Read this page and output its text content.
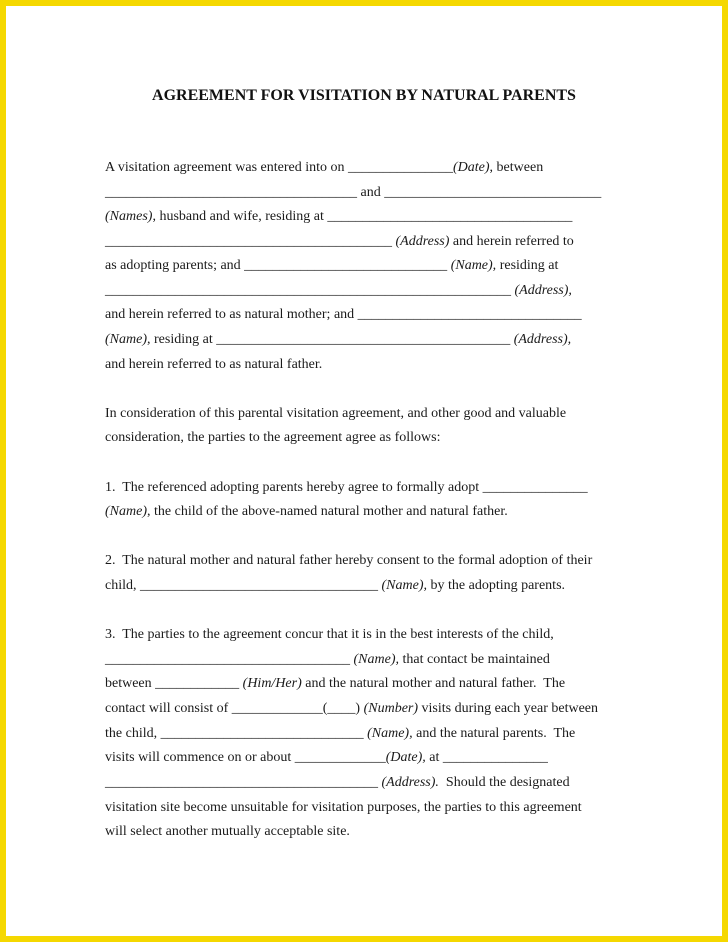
AGREEMENT FOR VISITATION BY NATURAL PARENTS
A visitation agreement was entered into on _______________(Date), between
____________________________________ and _______________________________
(Names), husband and wife, residing at ___________________________________
_________________________________________ (Address) and herein referred to
as adopting parents; and _____________________________ (Name), residing at
__________________________________________________________ (Address),
and herein referred to as natural mother; and ________________________________
(Name), residing at __________________________________________ (Address),
and herein referred to as natural father.
In consideration of this parental visitation agreement, and other good and valuable
consideration, the parties to the agreement agree as follows:
1.  The referenced adopting parents hereby agree to formally adopt _______________
(Name), the child of the above-named natural mother and natural father.
2.  The natural mother and natural father hereby consent to the formal adoption of their
child, __________________________________ (Name), by the adopting parents.
3.  The parties to the agreement concur that it is in the best interests of the child,
___________________________________ (Name), that contact be maintained
between ____________ (Him/Her) and the natural mother and natural father.  The
contact will consist of _____________(____) (Number) visits during each year between
the child, _____________________________ (Name), and the natural parents.  The
visits will commence on or about _____________(Date), at _______________
_______________________________________ (Address).  Should the designated
visitation site become unsuitable for visitation purposes, the parties to this agreement
will select another mutually acceptable site.
